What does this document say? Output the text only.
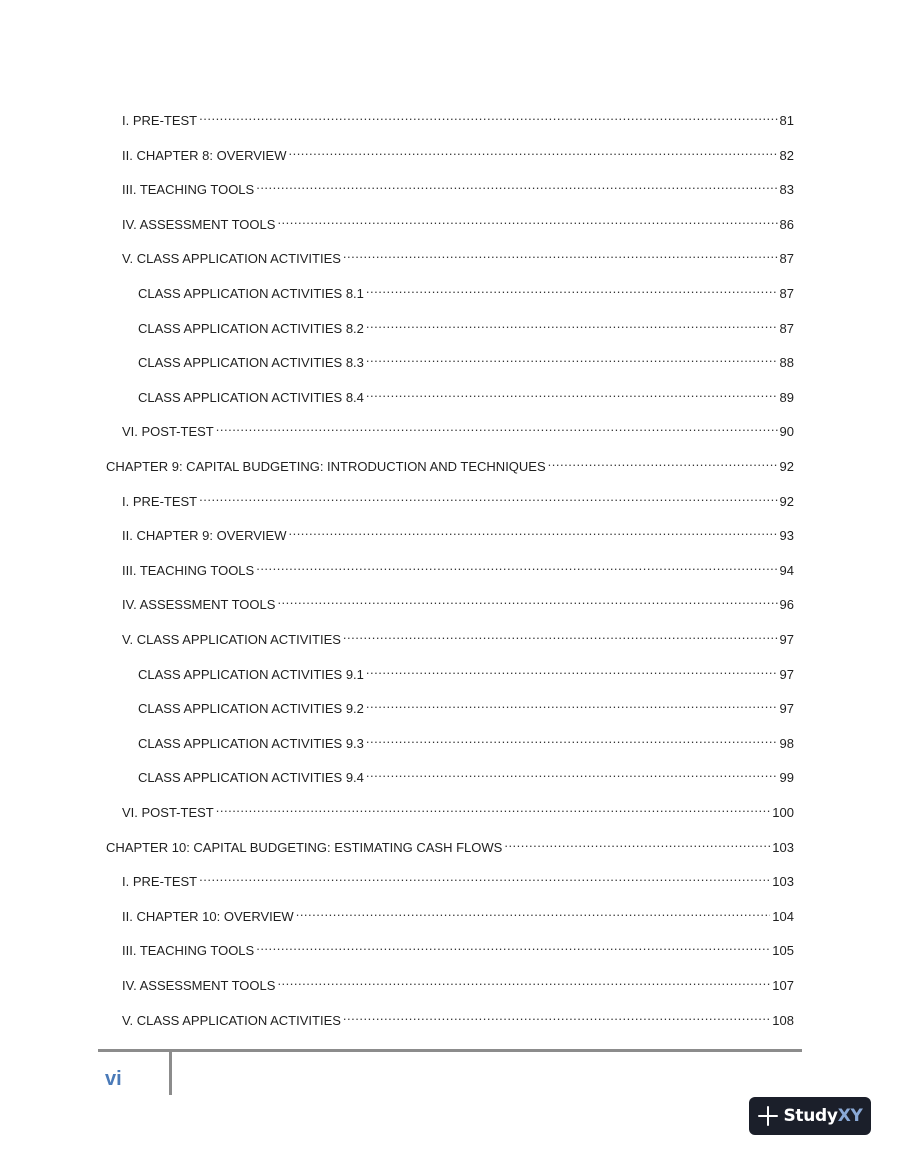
I. PRE-TEST .....	81
II. CHAPTER 8: OVERVIEW .....	82
III. TEACHING TOOLS .....	83
IV. ASSESSMENT TOOLS .....	86
V. CLASS APPLICATION ACTIVITIES .....	87
CLASS APPLICATION ACTIVITIES 8.1 .....	87
CLASS APPLICATION ACTIVITIES 8.2 .....	87
CLASS APPLICATION ACTIVITIES 8.3 .....	88
CLASS APPLICATION ACTIVITIES 8.4 .....	89
VI. POST-TEST .....	90
CHAPTER 9: CAPITAL BUDGETING: INTRODUCTION AND TECHNIQUES .....	92
I. PRE-TEST .....	92
II. CHAPTER 9: OVERVIEW .....	93
III. TEACHING TOOLS .....	94
IV. ASSESSMENT TOOLS .....	96
V. CLASS APPLICATION ACTIVITIES .....	97
CLASS APPLICATION ACTIVITIES 9.1 .....	97
CLASS APPLICATION ACTIVITIES 9.2 .....	97
CLASS APPLICATION ACTIVITIES 9.3 .....	98
CLASS APPLICATION ACTIVITIES 9.4 .....	99
VI. POST-TEST .....	100
CHAPTER 10: CAPITAL BUDGETING: ESTIMATING CASH FLOWS .....	103
I. PRE-TEST .....	103
II. CHAPTER 10: OVERVIEW .....	104
III. TEACHING TOOLS .....	105
IV. ASSESSMENT TOOLS .....	107
V. CLASS APPLICATION ACTIVITIES .....	108
vi
StudyXY
